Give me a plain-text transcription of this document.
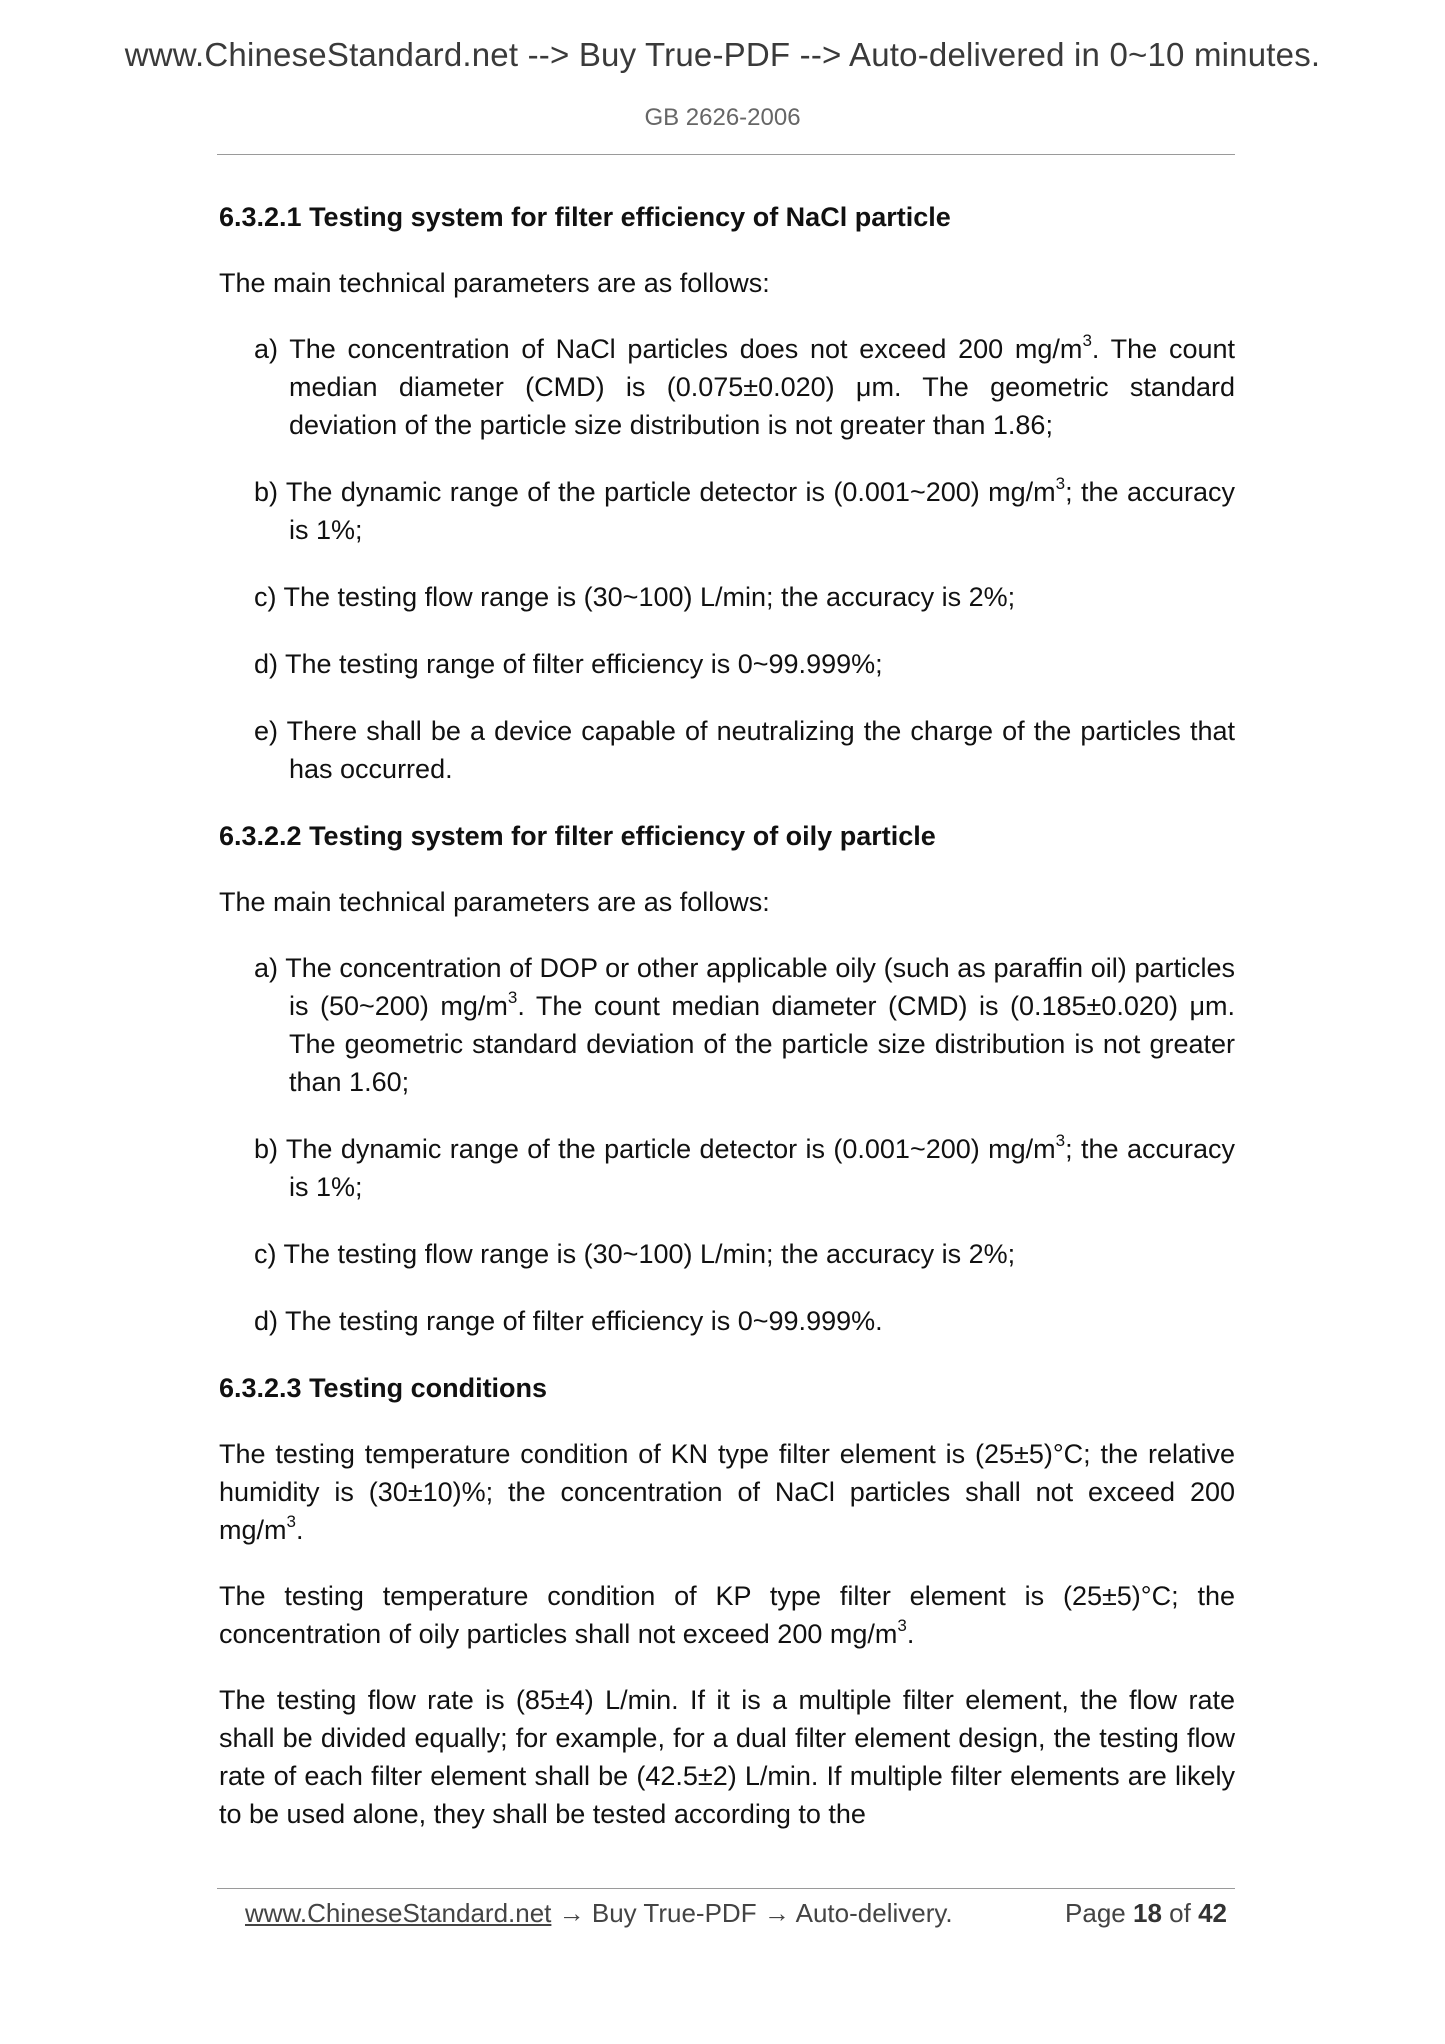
www.ChineseStandard.net --> Buy True-PDF --> Auto-delivered in 0~10 minutes.
GB 2626-2006
6.3.2.1 Testing system for filter efficiency of NaCl particle
The main technical parameters are as follows:
a) The concentration of NaCl particles does not exceed 200 $mg/m^3$. The count median diameter (CMD) is (0.075±0.020) μm. The geometric standard deviation of the particle size distribution is not greater than 1.86;
b) The dynamic range of the particle detector is (0.001~200) $mg/m^3$; the accuracy is 1%;
c) The testing flow range is (30~100) L/min; the accuracy is 2%;
d) The testing range of filter efficiency is 0~99.999%;
e) There shall be a device capable of neutralizing the charge of the particles that has occurred.
6.3.2.2 Testing system for filter efficiency of oily particle
The main technical parameters are as follows:
a) The concentration of DOP or other applicable oily (such as paraffin oil) particles is (50~200) $mg/m^3$. The count median diameter (CMD) is (0.185±0.020) μm. The geometric standard deviation of the particle size distribution is not greater than 1.60;
b) The dynamic range of the particle detector is (0.001~200) $mg/m^3$; the accuracy is 1%;
c) The testing flow range is (30~100) L/min; the accuracy is 2%;
d) The testing range of filter efficiency is 0~99.999%.
6.3.2.3 Testing conditions
The testing temperature condition of KN type filter element is (25±5)°C; the relative humidity is (30±10)%; the concentration of NaCl particles shall not exceed 200 $mg/m^3$.
The testing temperature condition of KP type filter element is (25±5)°C; the concentration of oily particles shall not exceed 200 $mg/m^3$.
The testing flow rate is (85±4) L/min. If it is a multiple filter element, the flow rate shall be divided equally; for example, for a dual filter element design, the testing flow rate of each filter element shall be (42.5±2) L/min. If multiple filter elements are likely to be used alone, they shall be tested according to the
www.ChineseStandard.net → Buy True-PDF → Auto-delivery.	Page 18 of 42
